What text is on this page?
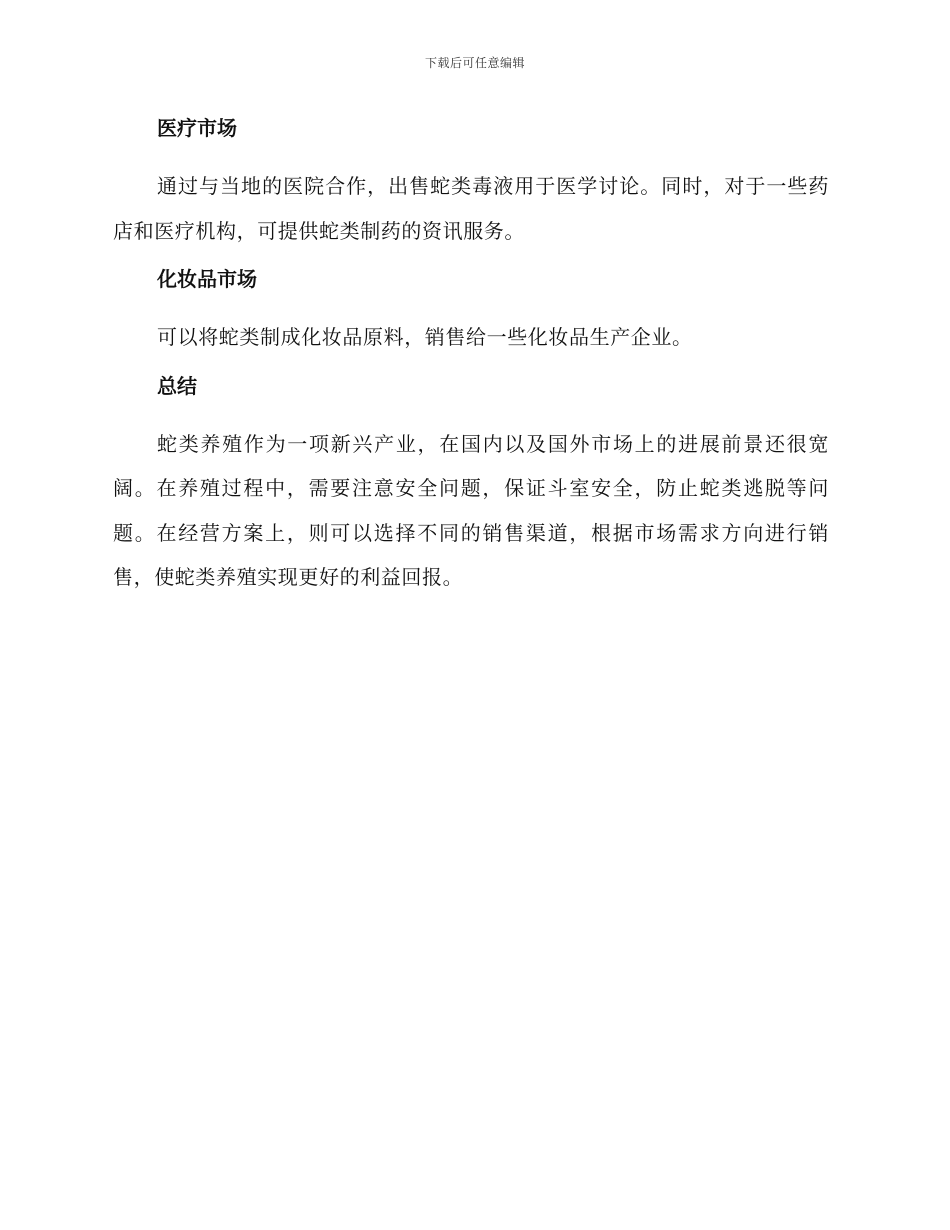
下载后可任意编辑
医疗市场

通过与当地的医院合作，出售蛇类毒液用于医学讨论。同时，对于一些药店和医疗机构，可提供蛇类制药的资讯服务。

化妆品市场

可以将蛇类制成化妆品原料，销售给一些化妆品生产企业。

总结

蛇类养殖作为一项新兴产业，在国内以及国外市场上的进展前景还很宽阔。在养殖过程中，需要注意安全问题，保证斗室安全，防止蛇类逃脱等问题。在经营方案上，则可以选择不同的销售渠道，根据市场需求方向进行销售，使蛇类养殖实现更好的利益回报。
